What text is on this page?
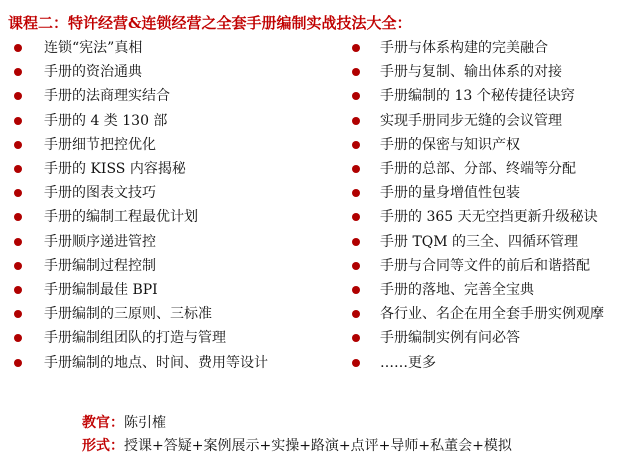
课程二：特许经营&连锁经营之全套手册编制实战技法大全：
连锁“宪法”真相
手册的资治通典
手册的法商理实结合
手册的 4 类 130 部
手册细节把控优化
手册的 KISS 内容揭秘
手册的图表文技巧
手册的编制工程最优计划
手册顺序递进管控
手册编制过程控制
手册编制最佳 BPI
手册编制的三原则、三标准
手册编制组团队的打造与管理
手册编制的地点、时间、费用等设计
手册与体系构建的完美融合
手册与复制、输出体系的对接
手册编制的 13 个秘传捷径诀窍
实现手册同步无缝的会议管理
手册的保密与知识产权
手册的总部、分部、终端等分配
手册的量身增值性包装
手册的 365 天无空挡更新升级秘诀
手册 TQM 的三全、四循环管理
手册与合同等文件的前后和谐搭配
手册的落地、完善全宝典
各行业、名企在用全套手册实例观摩
手册编制实例有问必答
……更多
教官：陈引榷
形式：授课+答疑+案例展示+实操+路演+点评+导师+私董会+模拟
